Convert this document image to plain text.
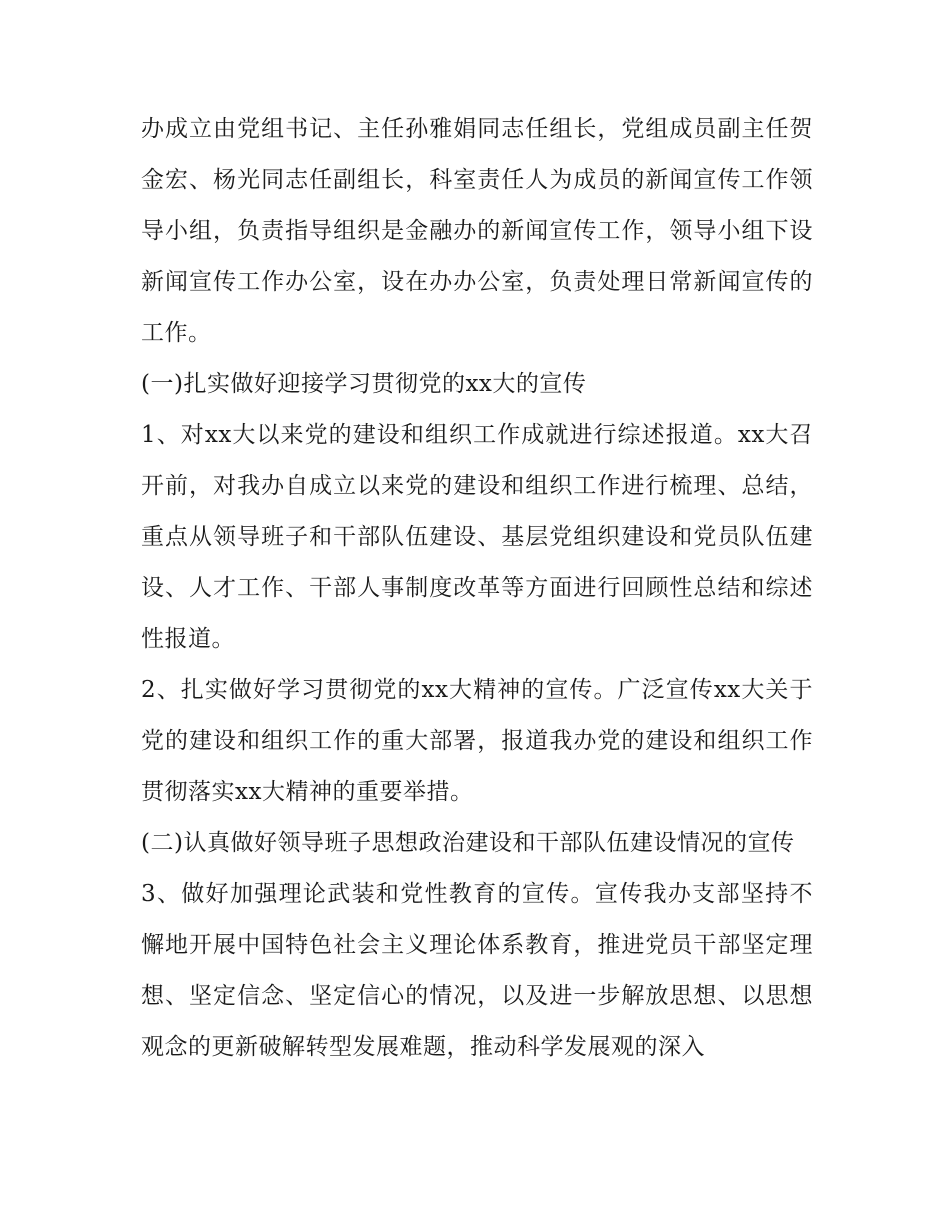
办成立由党组书记、主任孙雅娟同志任组长，党组成员副主任贺金宏、杨光同志任副组长，科室责任人为成员的新闻宣传工作领导小组，负责指导组织是金融办的新闻宣传工作，领导小组下设新闻宣传工作办公室，设在办办公室，负责处理日常新闻宣传的工作。

(一)扎实做好迎接学习贯彻党的xx大的宣传

1、对xx大以来党的建设和组织工作成就进行综述报道。xx大召开前，对我办自成立以来党的建设和组织工作进行梳理、总结，重点从领导班子和干部队伍建设、基层党组织建设和党员队伍建设、人才工作、干部人事制度改革等方面进行回顾性总结和综述性报道。

2、扎实做好学习贯彻党的xx大精神的宣传。广泛宣传xx大关于党的建设和组织工作的重大部署，报道我办党的建设和组织工作贯彻落实xx大精神的重要举措。

(二)认真做好领导班子思想政治建设和干部队伍建设情况的宣传

3、做好加强理论武装和党性教育的宣传。宣传我办支部坚持不懈地开展中国特色社会主义理论体系教育，推进党员干部坚定理想、坚定信念、坚定信心的情况，以及进一步解放思想、以思想观念的更新破解转型发展难题，推动科学发展观的深入
